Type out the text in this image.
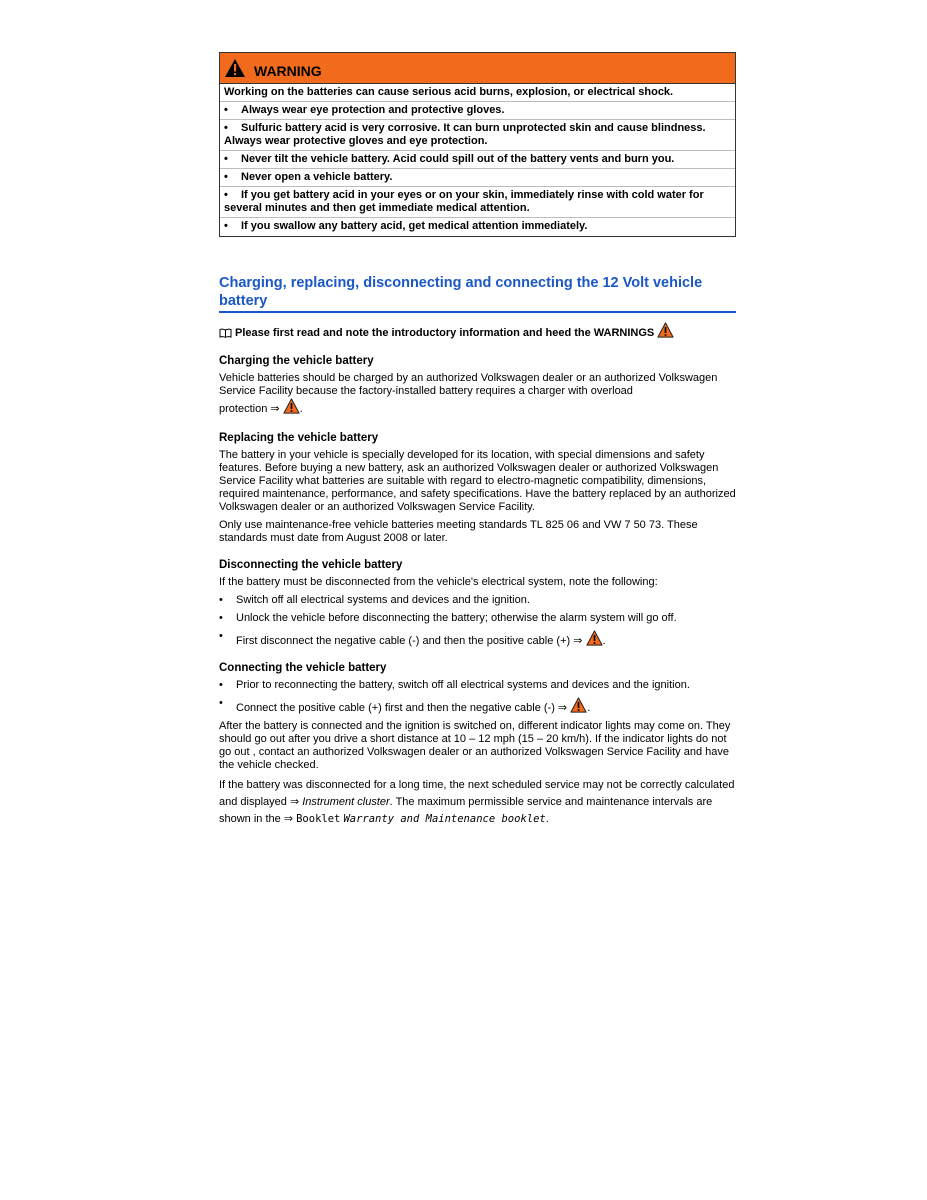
WARNING
Working on the batteries can cause serious acid burns, explosion, or electrical shock.
• Always wear eye protection and protective gloves.
• Sulfuric battery acid is very corrosive. It can burn unprotected skin and cause blindness.
Always wear protective gloves and eye protection.
• Never tilt the vehicle battery. Acid could spill out of the battery vents and burn you.
• Never open a vehicle battery.
• If you get battery acid in your eyes or on your skin, immediately rinse with cold water for
several minutes and then get immediate medical attention.
• If you swallow any battery acid, get medical attention immediately.
Charging, replacing, disconnecting and connecting the 12 Volt vehicle battery
Please first read and note the introductory information and heed the WARNINGS
Charging the vehicle battery

Vehicle batteries should be charged by an authorized Volkswagen dealer or an authorized Volkswagen Service Facility because the factory-installed battery requires a charger with overload
protection ⇒ .

Replacing the vehicle battery

The battery in your vehicle is specially developed for its location, with special dimensions and safety features. Before buying a new battery, ask an authorized Volkswagen dealer or authorized Volkswagen Service Facility what batteries are suitable with regard to electro-magnetic compatibility, dimensions, required maintenance, performance, and safety specifications. Have the battery replaced by an authorized Volkswagen dealer or an authorized Volkswagen Service Facility.

Only use maintenance-free vehicle batteries meeting standards TL 825 06 and VW 7 50 73. These standards must date from August 2008 or later.

Disconnecting the vehicle battery

If the battery must be disconnected from the vehicle's electrical system, note the following:

•	Switch off all electrical systems and devices and the ignition.
•	Unlock the vehicle before disconnecting the battery; otherwise the alarm system will go off.
•	First disconnect the negative cable (-) and then the positive cable (+) ⇒ .
Connecting the vehicle battery
•	Prior to reconnecting the battery, switch off all electrical systems and devices and the ignition.
•	Connect the positive cable (+) first and then the negative cable (-) ⇒ .

After the battery is connected and the ignition is switched on, different indicator lights may come on. They should go out after you drive a short distance at 10 – 12 mph (15 – 20 km/h). If the indicator lights do not go out , contact an authorized Volkswagen dealer or an authorized Volkswagen Service Facility and have the vehicle checked.

If the battery was disconnected for a long time, the next scheduled service may not be correctly calculated and displayed ⇒ Instrument cluster. The maximum permissible service and maintenance intervals are shown in the ⇒ Booklet Warranty and Maintenance booklet.
